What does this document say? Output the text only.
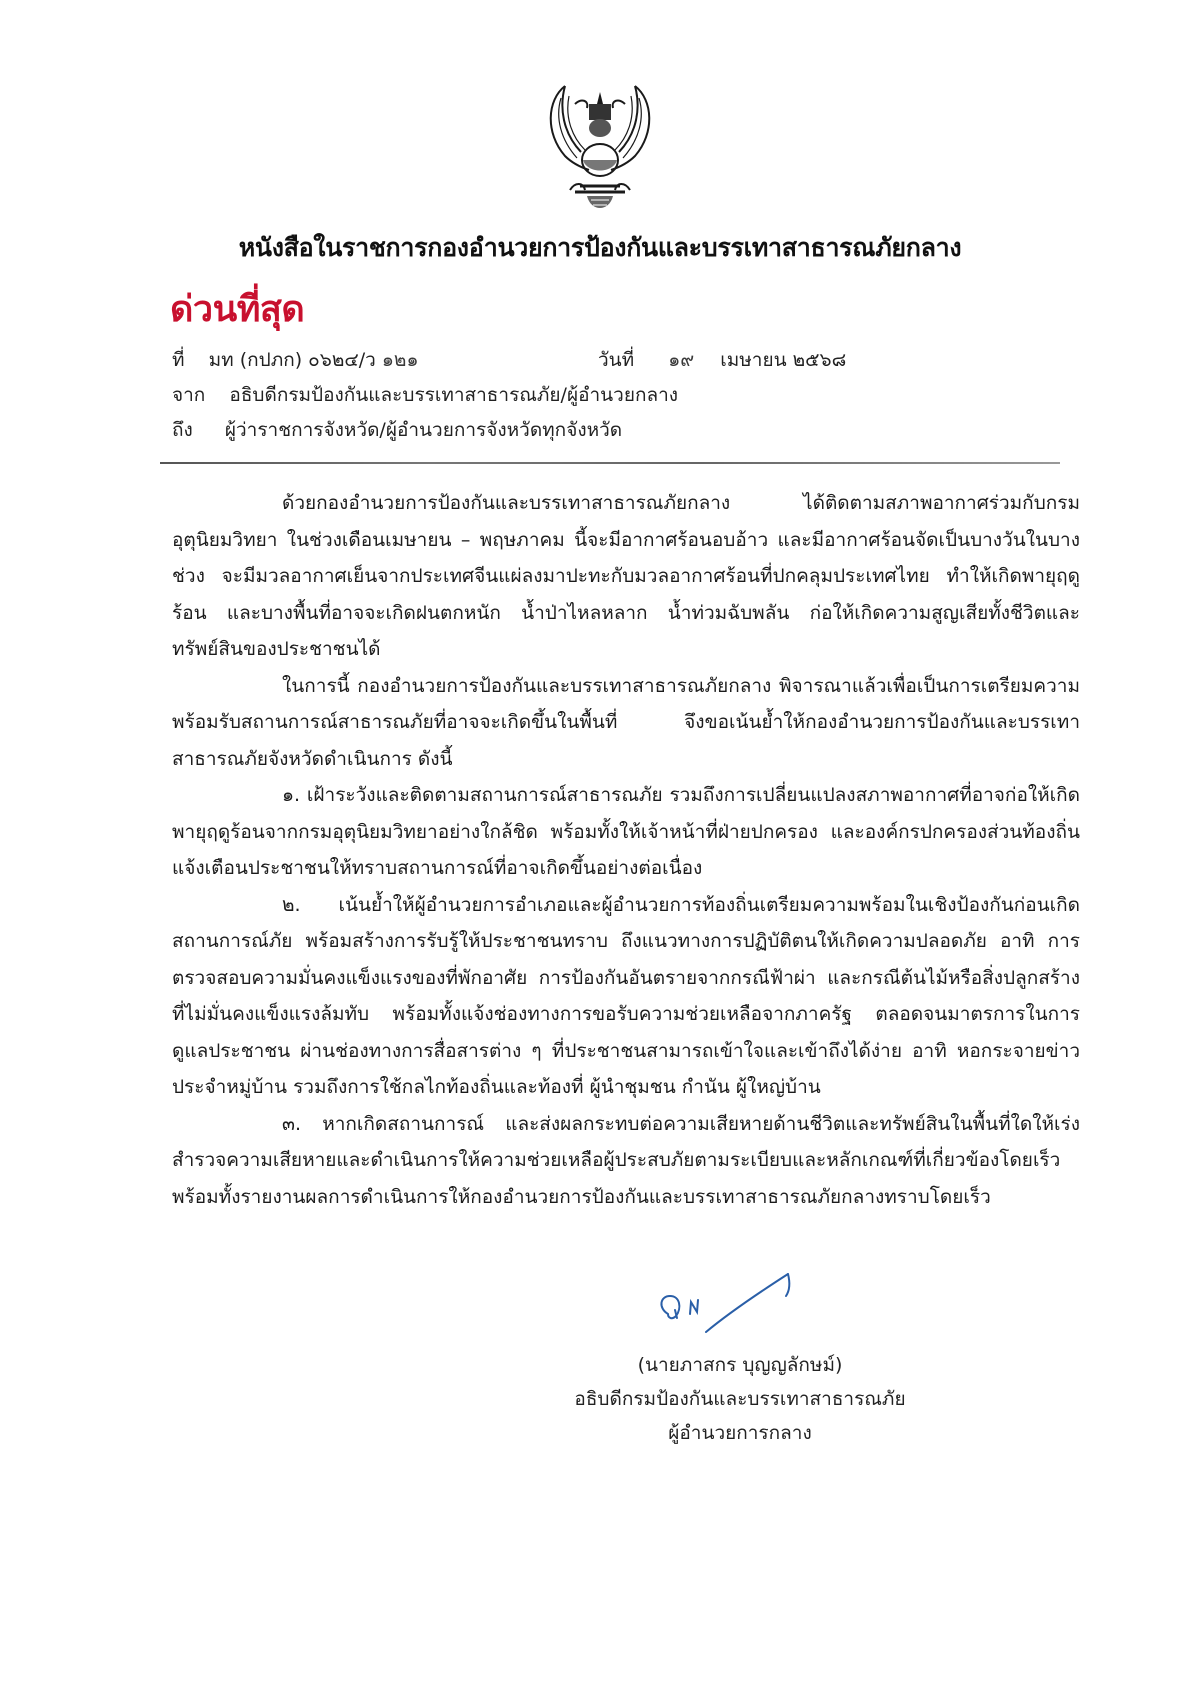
หนังสือในราชการกองอำนวยการป้องกันและบรรเทาสาธารณภัยกลาง
ด่วนที่สุด
ที่ มท (กปภก) ๐๖๒๔/ว ๑๒๑	วันที่ ๑๙ เมษายน ๒๕๖๘
จาก อธิบดีกรมป้องกันและบรรเทาสาธารณภัย/ผู้อำนวยกลาง
ถึง ผู้ว่าราชการจังหวัด/ผู้อำนวยการจังหวัดทุกจังหวัด

ด้วยกองอำนวยการป้องกันและบรรเทาสาธารณภัยกลาง ได้ติดตามสภาพอากาศร่วมกับกรมอุตุนิยมวิทยา ในช่วงเดือนเมษายน – พฤษภาคม นี้จะมีอากาศร้อนอบอ้าว และมีอากาศร้อนจัดเป็นบางวันในบางช่วง จะมีมวลอากาศเย็นจากประเทศจีนแผ่ลงมาปะทะกับมวลอากาศร้อนที่ปกคลุมประเทศไทย ทำให้เกิดพายุฤดูร้อน และบางพื้นที่อาจจะเกิดฝนตกหนัก น้ำป่าไหลหลาก น้ำท่วมฉับพลัน ก่อให้เกิดความสูญเสียทั้งชีวิตและทรัพย์สินของประชาชนได้

ในการนี้ กองอำนวยการป้องกันและบรรเทาสาธารณภัยกลาง พิจารณาแล้วเพื่อเป็นการเตรียมความพร้อมรับสถานการณ์สาธารณภัยที่อาจจะเกิดขึ้นในพื้นที่ จึงขอเน้นย้ำให้กองอำนวยการป้องกันและบรรเทาสาธารณภัยจังหวัดดำเนินการ ดังนี้

๑. เฝ้าระวังและติดตามสถานการณ์สาธารณภัย รวมถึงการเปลี่ยนแปลงสภาพอากาศที่อาจก่อให้เกิดพายุฤดูร้อนจากกรมอุตุนิยมวิทยาอย่างใกล้ชิด พร้อมทั้งให้เจ้าหน้าที่ฝ่ายปกครอง และองค์กรปกครองส่วนท้องถิ่นแจ้งเตือนประชาชนให้ทราบสถานการณ์ที่อาจเกิดขึ้นอย่างต่อเนื่อง

๒. เน้นย้ำให้ผู้อำนวยการอำเภอและผู้อำนวยการท้องถิ่นเตรียมความพร้อมในเชิงป้องกันก่อนเกิดสถานการณ์ภัย พร้อมสร้างการรับรู้ให้ประชาชนทราบ ถึงแนวทางการปฏิบัติตนให้เกิดความปลอดภัย อาทิ การตรวจสอบความมั่นคงแข็งแรงของที่พักอาศัย การป้องกันอันตรายจากกรณีฟ้าผ่า และกรณีต้นไม้หรือสิ่งปลูกสร้างที่ไม่มั่นคงแข็งแรงล้มทับ พร้อมทั้งแจ้งช่องทางการขอรับความช่วยเหลือจากภาครัฐ ตลอดจนมาตรการในการดูแลประชาชน ผ่านช่องทางการสื่อสารต่าง ๆ ที่ประชาชนสามารถเข้าใจและเข้าถึงได้ง่าย อาทิ หอกระจายข่าวประจำหมู่บ้าน รวมถึงการใช้กลไกท้องถิ่นและท้องที่ ผู้นำชุมชน กำนัน ผู้ใหญ่บ้าน

๓. หากเกิดสถานการณ์ และส่งผลกระทบต่อความเสียหายด้านชีวิตและทรัพย์สินในพื้นที่ใดให้เร่งสำรวจความเสียหายและดำเนินการให้ความช่วยเหลือผู้ประสบภัยตามระเบียบและหลักเกณฑ์ที่เกี่ยวข้องโดยเร็ว พร้อมทั้งรายงานผลการดำเนินการให้กองอำนวยการป้องกันและบรรเทาสาธารณภัยกลางทราบโดยเร็ว

(นายภาสกร บุญญลักษม์)
อธิบดีกรมป้องกันและบรรเทาสาธารณภัย
ผู้อำนวยการกลาง
